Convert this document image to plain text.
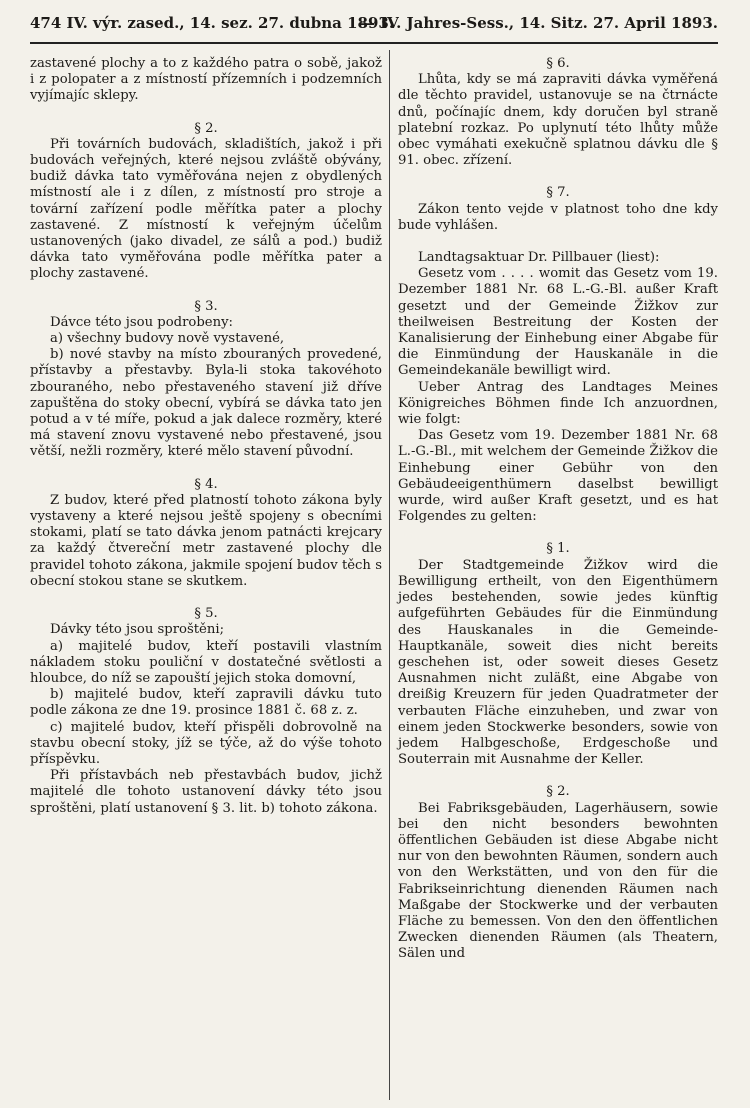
474 IV. výr. zased., 14. sez. 27. dubna 1893.
— IV. Jahres-Sess., 14. Sitz. 27. April 1893.

zastavené plochy a to z každého patra o sobě, jakož i z polopater a z místností přízemních i podzemních vyjímajíc sklepy.

§ 2.

Při továrních budovách, skladištích, jakož i při budovách veřejných, které nejsou zvláště obývány, budiž dávka tato vyměřována nejen z obydlených místností ale i z dílen, z místností pro stroje a tovární zařízení podle měřítka pater a plochy zastavené. Z místností k veřejným účelům ustanovených (jako divadel, ze sálů a pod.) budiž dávka tato vyměřována podle měřítka pater a plochy zastavené.

§ 3.

Dávce této jsou podrobeny:

a) všechny budovy nově vystavené,

b) nové stavby na místo zbouraných provedené, přístavby a přestavby. Byla-li stoka takovéhoto zbouraného, nebo přestaveného stavení již dříve zapuštěna do stoky obecní, vybírá se dávka tato jen potud a v té míře, pokud a jak dalece rozměry, které má stavení znovu vystavené nebo přestavené, jsou větší, nežli rozměry, které mělo stavení původní.

§ 4.

Z budov, které před platností tohoto zákona byly vystaveny a které nejsou ještě spojeny s obecními stokami, platí se tato dávka jenom patnácti krejcary za každý čtvereční metr zastavené plochy dle pravidel tohoto zákona, jakmile spojení budov těch s obecní stokou stane se skutkem.

§ 5.

Dávky této jsou sproštěni;

a) majitelé budov, kteří postavili vlastním nákladem stoku pouliční v dostatečné světlosti a hloubce, do níž se zapouští jejich stoka domovní,

b) majitelé budov, kteří zapravili dávku tuto podle zákona ze dne 19. prosince 1881 č. 68 z. z.

c) majitelé budov, kteří přispěli dobrovolně na stavbu obecní stoky, jíž se týče, až do výše tohoto příspěvku.

Při přístavbách neb přestavbách budov, jichž majitelé dle tohoto ustanovení dávky této jsou sproštěni, platí ustanovení § 3. lit. b) tohoto zákona.

§ 6.

Lhůta, kdy se má zapraviti dávka vyměřená dle těchto pravidel, ustanovuje se na čtrnácte dnů, počínajíc dnem, kdy doručen byl straně platební rozkaz. Po uplynutí této lhůty může obec vymáhati exekučně splatnou dávku dle § 91. obec. zřízení.

§ 7.

Zákon tento vejde v platnost toho dne kdy bude vyhlášen.

Landtagsaktuar Dr. Pillbauer (liest):

Gesetz vom . . . . womit das Gesetz vom 19. Dezember 1881 Nr. 68 L.-G.-Bl. außer Kraft gesetzt und der Gemeinde Žižkov zur theilweisen Bestreitung der Kosten der Kanalisierung der Einhebung einer Abgabe für die Einmündung der Hauskanäle in die Gemeindekanäle bewilligt wird.

Ueber Antrag des Landtages Meines Königreiches Böhmen finde Ich anzuordnen, wie folgt:

Das Gesetz vom 19. Dezember 1881 Nr. 68 L.-G.-Bl., mit welchem der Gemeinde Žižkov die Einhebung einer Gebühr von den Gebäudeeigenthümern daselbst bewilligt wurde, wird außer Kraft gesetzt, und es hat Folgendes zu gelten:

§ 1.

Der Stadtgemeinde Žižkov wird die Bewilligung ertheilt, von den Eigenthümern jedes bestehenden, sowie jedes künftig aufgeführten Gebäudes für die Einmündung des Hauskanales in die Gemeinde-Hauptkanäle, soweit dies nicht bereits geschehen ist, oder soweit dieses Gesetz Ausnahmen nicht zuläßt, eine Abgabe von dreißig Kreuzern für jeden Quadratmeter der verbauten Fläche einzuheben, und zwar von einem jeden Stockwerke besonders, sowie von jedem Halbgeschoße, Erdgeschoße und Souterrain mit Ausnahme der Keller.

§ 2.

Bei Fabriksgebäuden, Lagerhäusern, sowie bei den nicht besonders bewohnten öffentlichen Gebäuden ist diese Abgabe nicht nur von den bewohnten Räumen, sondern auch von den Werkstätten, und von den für die Fabrikseinrichtung dienenden Räumen nach Maßgabe der Stockwerke und der verbauten Fläche zu bemessen. Von den den öffentlichen Zwecken dienenden Räumen (als Theatern, Sälen und
